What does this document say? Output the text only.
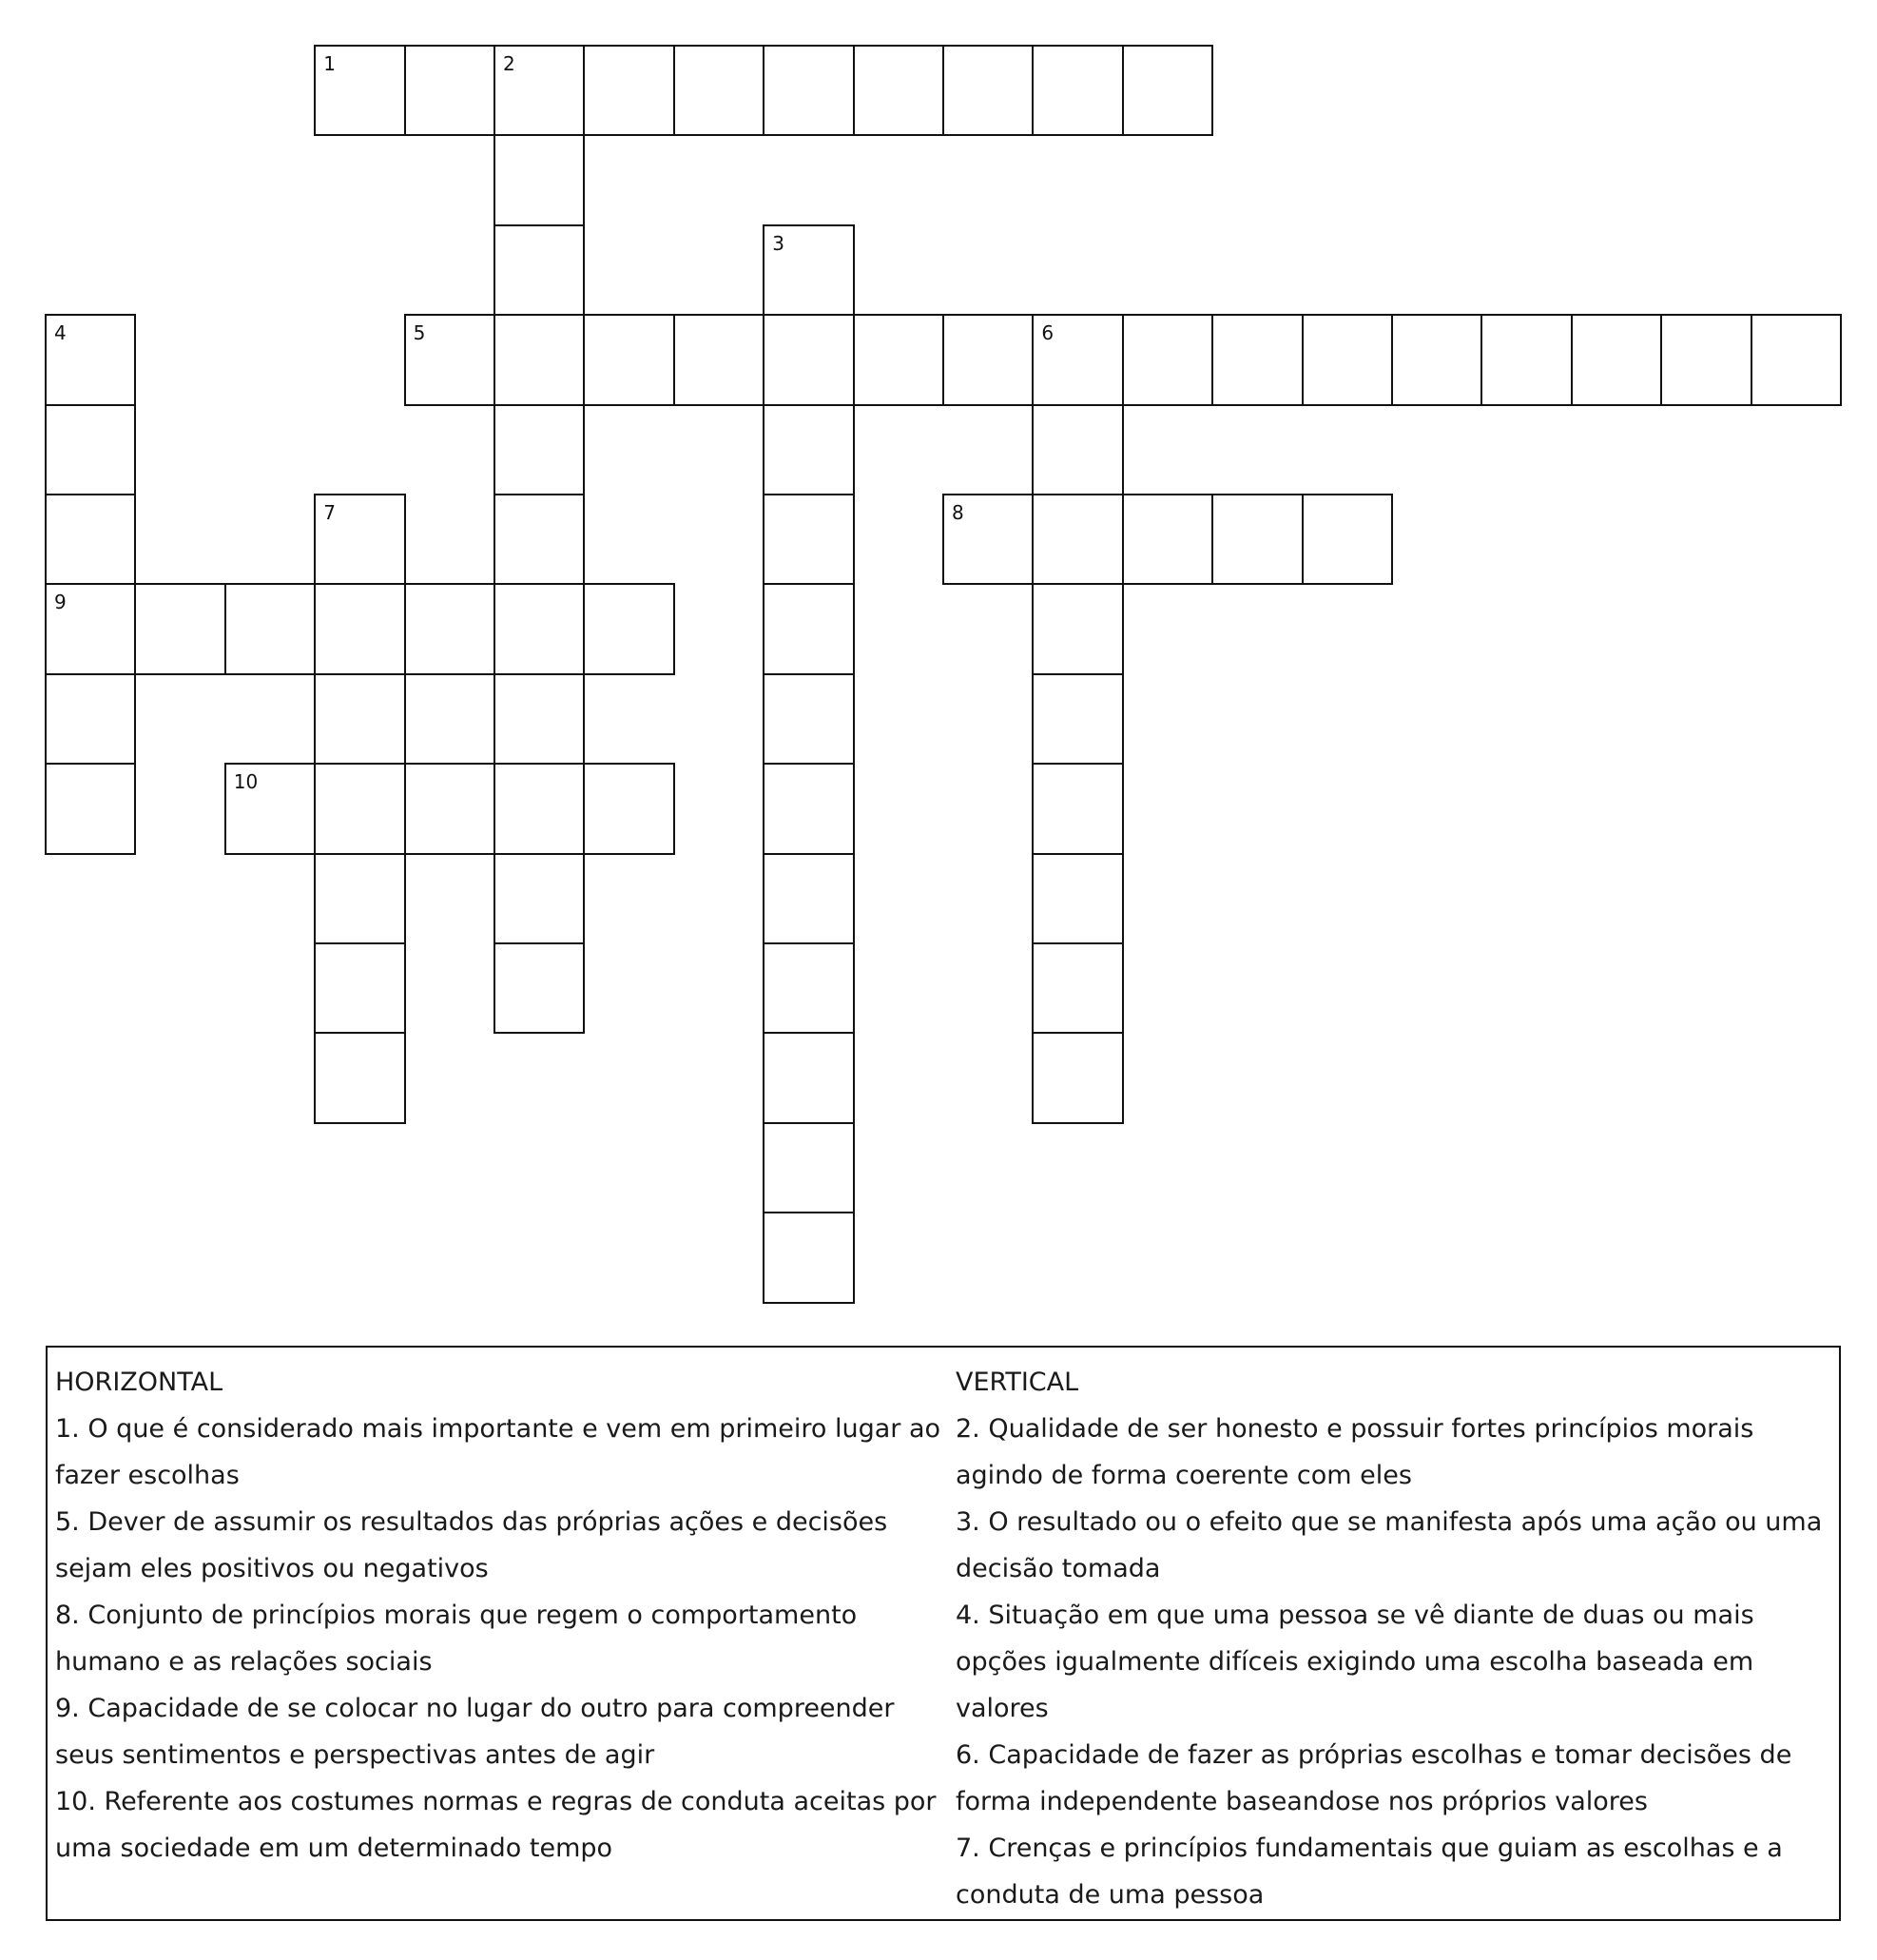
1	2
3
4
9
5	6
7	8
10
HORIZONTAL
1. O que é considerado mais importante e vem em primeiro lugar ao fazer escolhas
5. Dever de assumir os resultados das próprias ações e decisões sejam eles positivos ou negativos
8. Conjunto de princípios morais que regem o comportamento humano e as relações sociais
9. Capacidade de se colocar no lugar do outro para compreender seus sentimentos e perspectivas antes de agir
10. Referente aos costumes normas e regras de conduta aceitas por uma sociedade em um determinado tempo
VERTICAL
2. Qualidade de ser honesto e possuir fortes princípios morais agindo de forma coerente com eles
3. O resultado ou o efeito que se manifesta após uma ação ou uma decisão tomada
4. Situação em que uma pessoa se vê diante de duas ou mais opções igualmente difíceis exigindo uma escolha baseada em valores
6. Capacidade de fazer as próprias escolhas e tomar decisões de forma independente baseandose nos próprios valores
7. Crenças e princípios fundamentais que guiam as escolhas e a conduta de uma pessoa
